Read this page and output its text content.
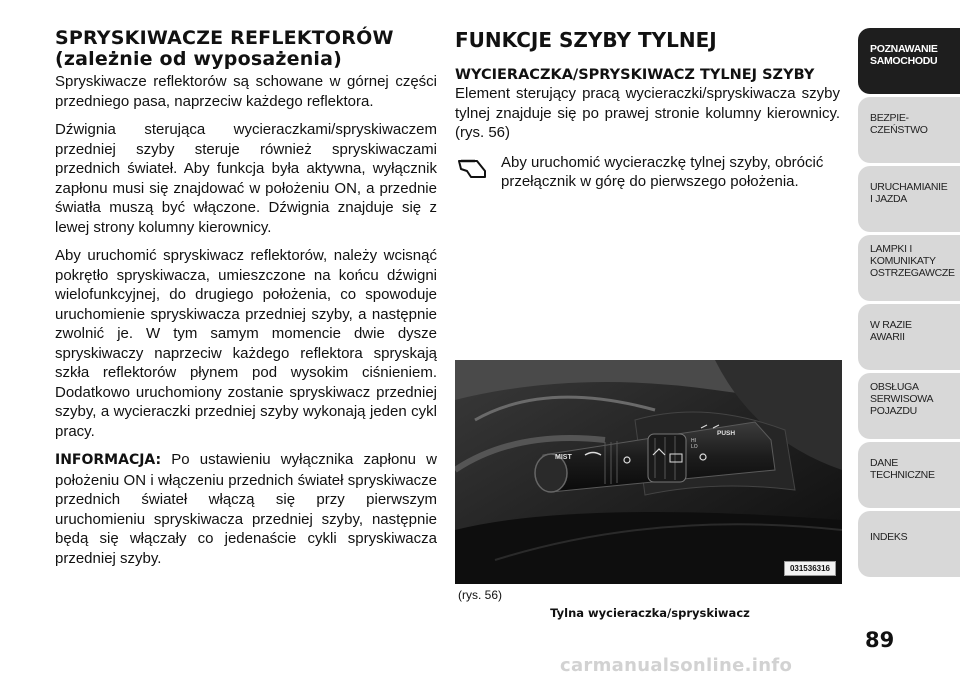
SPRYSKIWACZE REFLEKTORÓW
(zależnie od wyposażenia)

Spryskiwacze reflektorów są schowane w górnej części przedniego pasa, naprzeciw każdego reflektora.

Dźwignia sterująca wycieraczkami/spryskiwaczem przedniej szyby steruje również spryskiwaczami przednich świateł. Aby funkcja była aktywna, wyłącznik zapłonu musi się znajdować w położeniu ON, a przednie światła muszą być włączone. Dźwignia znajduje się z lewej strony kolumny kierownicy.

Aby uruchomić spryskiwacz reflektorów, należy wcisnąć pokrętło spryskiwacza, umieszczone na końcu dźwigni wielofunkcyjnej, do drugiego położenia, co spowoduje uruchomienie spryskiwacza przedniej szyby, a następnie zwolnić je. W tym samym momencie dwie dysze spryskiwaczy naprzeciw każdego reflektora spryskają szkła reflektorów płynem pod wysokim ciśnieniem. Dodatkowo uruchomiony zostanie spryskiwacz przedniej szyby, a wycieraczki przedniej szyby wykonają jeden cykl pracy.

INFORMACJA: Po ustawieniu wyłącznika zapłonu w położeniu ON i włączeniu przednich świateł spryskiwacze przednich świateł włączą się przy pierwszym uruchomieniu spryskiwacza przedniej szyby, następnie będą się włączały co jedenaście cykli spryskiwacza przedniej szyby.

FUNKCJE SZYBY TYLNEJ
WYCIERACZKA/SPRYSKIWACZ TYLNEJ SZYBY

Element sterujący pracą wycieraczki/spryskiwacza szyby tylnej znajduje się po prawej stronie kolumny kierownicy. (rys. 56)

Aby uruchomić wycieraczkę tylnej szyby, obrócić przełącznik w górę do pierwszego położenia.

MIST
PUSH
LO
HI
031536316
(rys. 56)
Tylna wycieraczka/spryskiwacz
POZNAWANIE
SAMOCHODU
BEZPIE-
CZEŃSTWO
URUCHAMIANIE
I JAZDA
LAMPKI I
KOMUNIKATY
OSTRZEGAWCZE
W RAZIE
AWARII
OBSŁUGA
SERWISOWA
POJAZDU
DANE
TECHNICZNE
INDEKS
89
carmanualsonline.info
